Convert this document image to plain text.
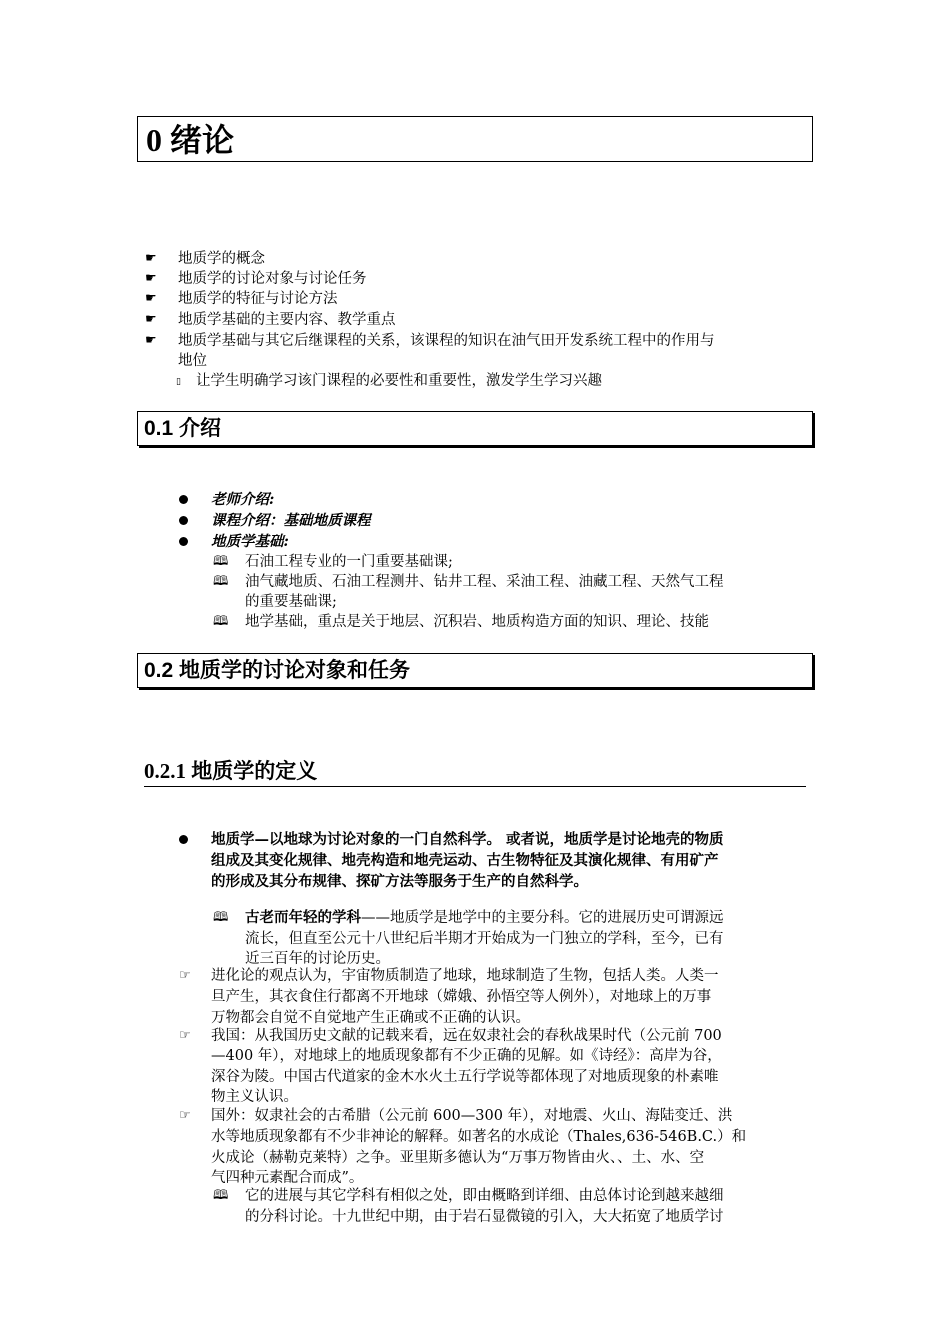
0 绪论
☛ 地质学的概念
☛ 地质学的讨论对象与讨论任务
☛ 地质学的特征与讨论方法
☛ 地质学基础的主要内容、教学重点
☛ 地质学基础与其它后继课程的关系，该课程的知识在油气田开发系统工程中的作用与
地位
▯ 让学生明确学习该门课程的必要性和重要性，激发学生学习兴趣
0.1 介绍
老师介绍:
课程介绍：基础地质课程
地质学基础:
🕮 石油工程专业的一门重要基础课;
🕮 油气藏地质、石油工程测井、钻井工程、采油工程、油藏工程、天然气工程
的重要基础课;
🕮 地学基础，重点是关于地层、沉积岩、地质构造方面的知识、理论、技能
0.2 地质学的讨论对象和任务
0.2.1 地质学的定义
地质学—以地球为讨论对象的一门自然科学。 或者说，地质学是讨论地壳的物质
组成及其变化规律、地壳构造和地壳运动、古生物特征及其演化规律、有用矿产
的形成及其分布规律、探矿方法等服务于生产的自然科学。
🕮 古老而年轻的学科——地质学是地学中的主要分科。它的进展历史可谓源远
流长，但直至公元十八世纪后半期才开始成为一门独立的学科，至今，已有
近三百年的讨论历史。
☞ 进化论的观点认为，宇宙物质制造了地球，地球制造了生物，包括人类。人类一
旦产生，其衣食住行都离不开地球（嫦娥、孙悟空等人例外），对地球上的万事
万物都会自觉不自觉地产生正确或不正确的认识。
☞ 我国：从我国历史文献的记载来看，远在奴隶社会的春秋战果时代（公元前 700
—400 年），对地球上的地质现象都有不少正确的见解。如《诗经》：高岸为谷，
深谷为陵。中国古代道家的金木水火土五行学说等都体现了对地质现象的朴素唯
物主义认识。
☞ 国外：奴隶社会的古希腊（公元前 600—300 年），对地震、火山、海陆变迁、洪
水等地质现象都有不少非神论的解释。如著名的水成论（Thales,636-546B.C.）和
火成论（赫勒克莱特）之争。亚里斯多德认为“万事万物皆由火、、土、水、空
气四种元素配合而成”。
🕮 它的进展与其它学科有相似之处，即由概略到详细、由总体讨论到越来越细
的分科讨论。十九世纪中期，由于岩石显微镜的引入，大大拓宽了地质学讨
